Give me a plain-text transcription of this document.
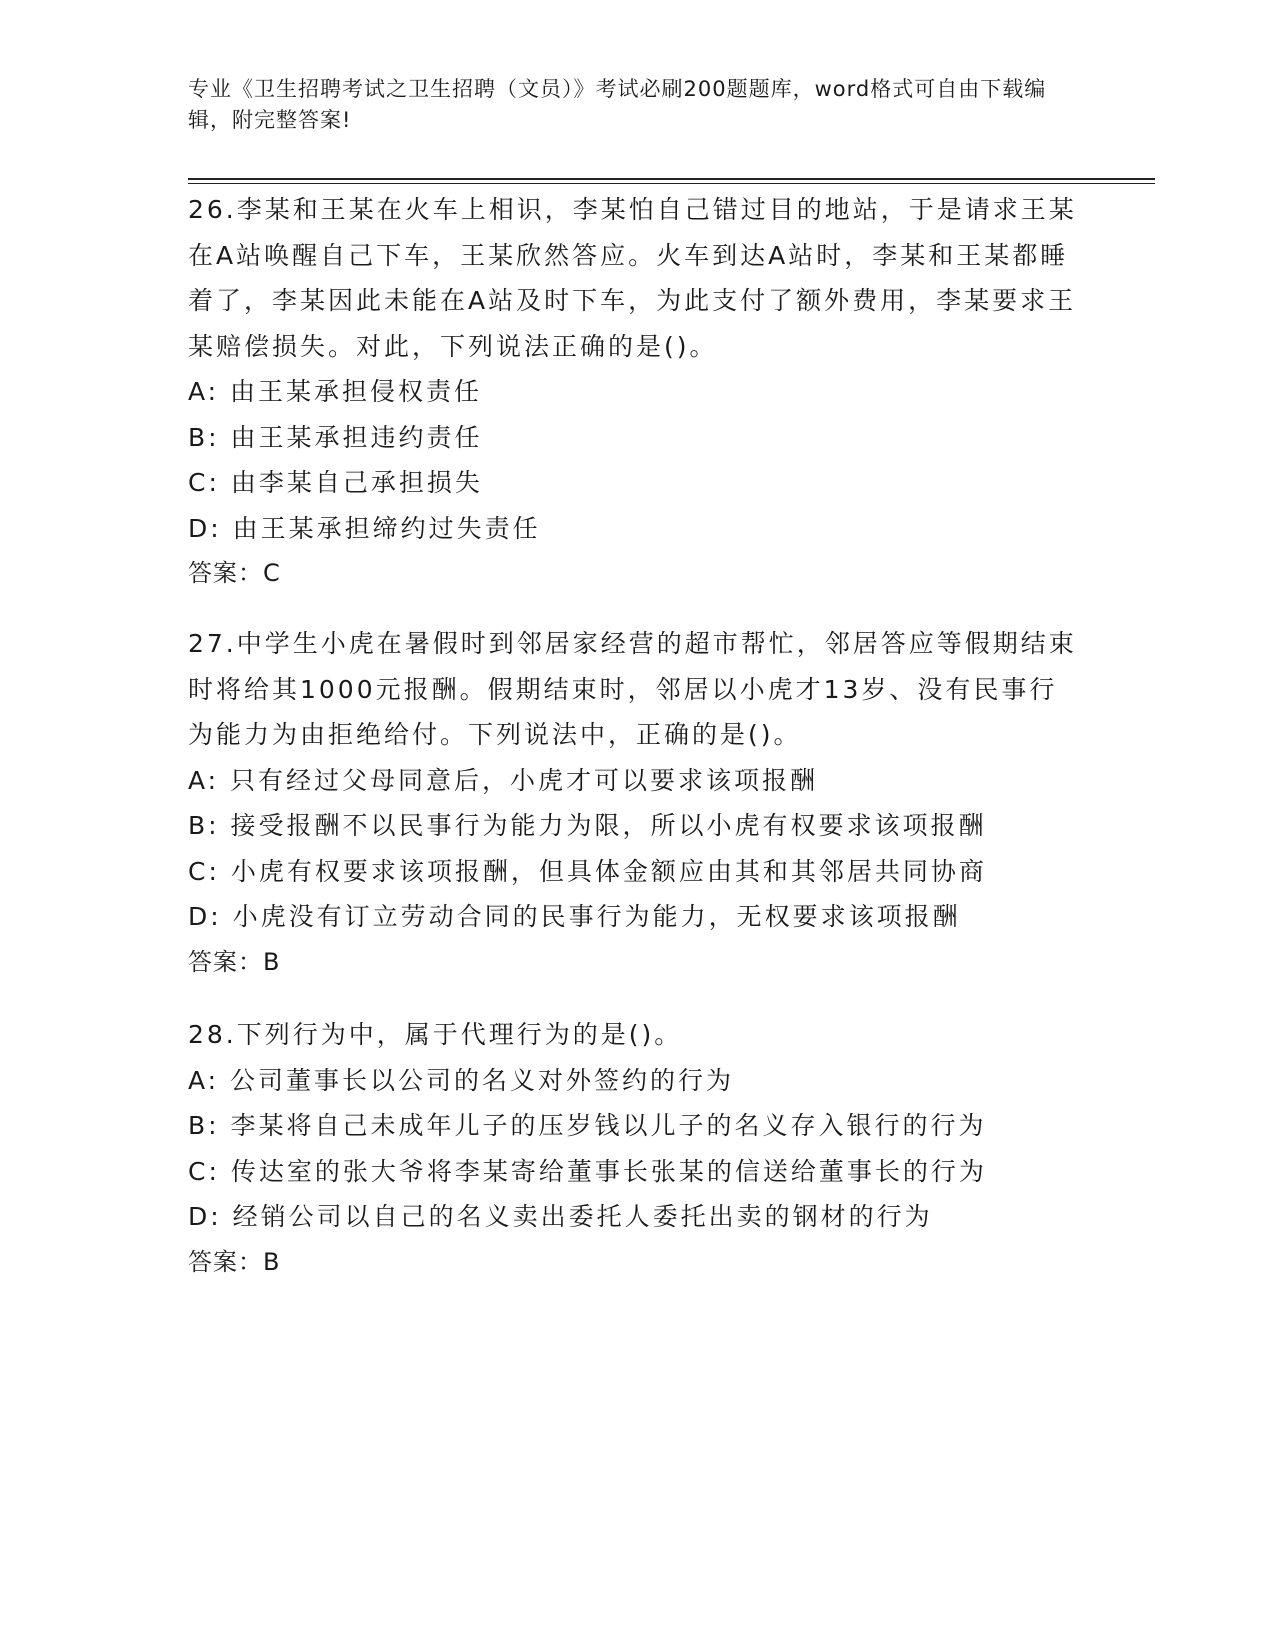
专业《卫生招聘考试之卫生招聘（文员）》考试必刷200题题库，word格式可自由下载编辑，附完整答案!
26.李某和王某在火车上相识，李某怕自己错过目的地站，于是请求王某在A站唤醒自己下车，王某欣然答应。火车到达A站时，李某和王某都睡着了，李某因此未能在A站及时下车，为此支付了额外费用，李某要求王某赔偿损失。对此，下列说法正确的是()。
A: 由王某承担侵权责任
B: 由王某承担违约责任
C: 由李某自己承担损失
D: 由王某承担缔约过失责任
答案：C
27.中学生小虎在暑假时到邻居家经营的超市帮忙，邻居答应等假期结束时将给其1000元报酬。假期结束时，邻居以小虎才13岁、没有民事行为能力为由拒绝给付。下列说法中，正确的是()。
A: 只有经过父母同意后，小虎才可以要求该项报酬
B: 接受报酬不以民事行为能力为限，所以小虎有权要求该项报酬
C: 小虎有权要求该项报酬，但具体金额应由其和其邻居共同协商
D: 小虎没有订立劳动合同的民事行为能力，无权要求该项报酬
答案：B
28.下列行为中，属于代理行为的是()。
A: 公司董事长以公司的名义对外签约的行为
B: 李某将自己未成年儿子的压岁钱以儿子的名义存入银行的行为
C: 传达室的张大爷将李某寄给董事长张某的信送给董事长的行为
D: 经销公司以自己的名义卖出委托人委托出卖的钢材的行为
答案：B
